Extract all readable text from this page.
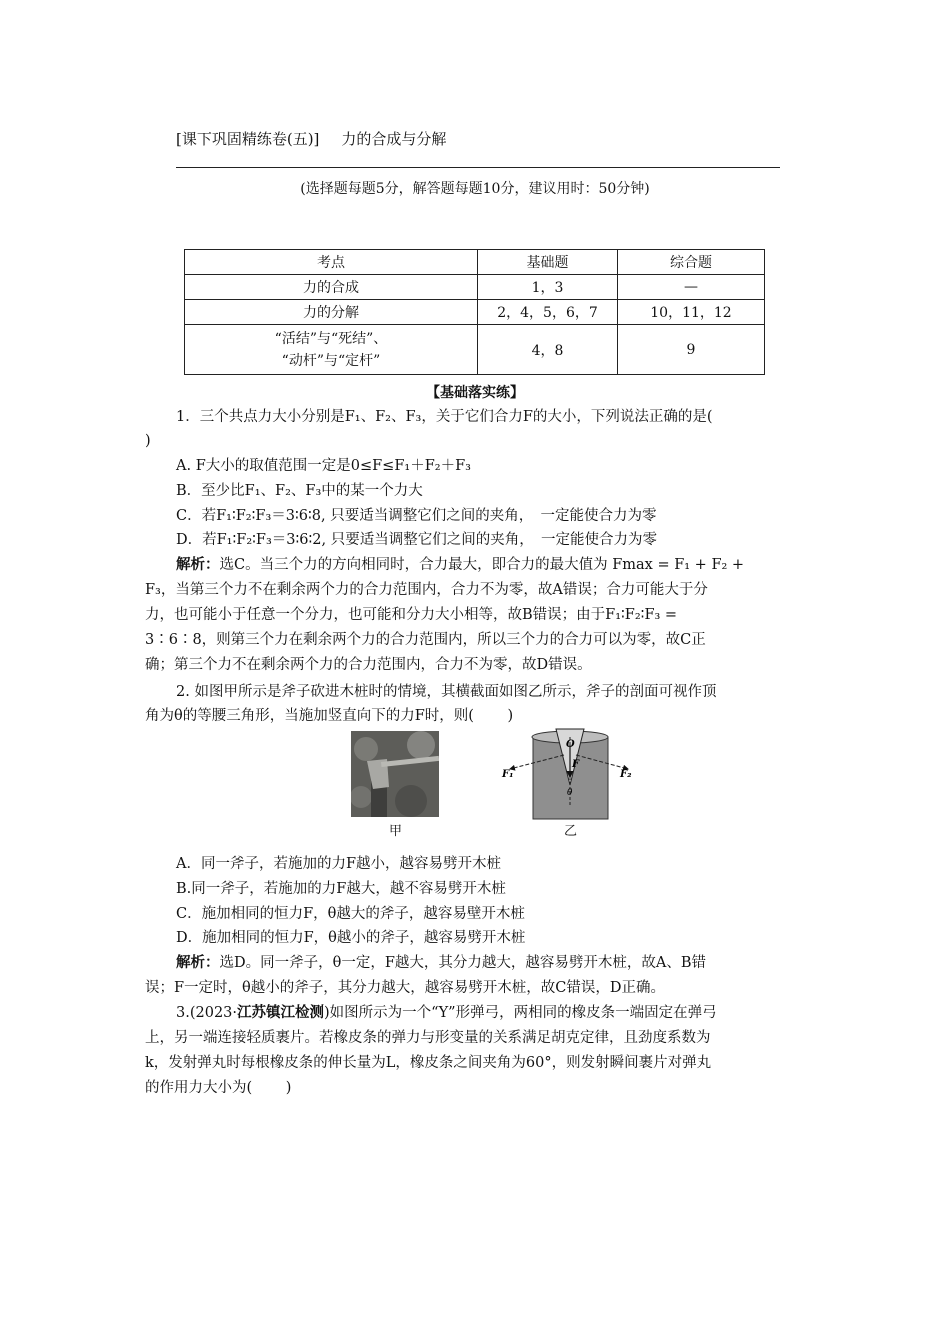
[课下巩固精练卷(五)] 力的合成与分解
(选择题每题5分，解答题每题10分，建议用时：50分钟)
考点	基础题	综合题
力的合成	1，3	—
力的分解	2，4，5，6，7	10，11，12

“活结”与“死结”、
“动杆”与“定杆”	4，8	9
【基础落实练】
1．三个共点力大小分别是F₁、F₂、F₃，关于它们合力F的大小，下列说法正确的是(
)
A. F大小的取值范围一定是0≤F≤F₁＋F₂＋F₃
B．至少比F₁、F₂、F₃中的某一个力大
C．若F₁∶F₂∶F₃＝3∶6∶8, 只要适当调整它们之间的夹角，　一定能使合力为零
D．若F₁∶F₂∶F₃＝3∶6∶2, 只要适当调整它们之间的夹角，　一定能使合力为零
解析：选C。当三个力的方向相同时，合力最大，即合力的最大值为 Fmax = F₁ + F₂ +
F₃，当第三个力不在剩余两个力的合力范围内，合力不为零，故A错误；合力可能大于分
力，也可能小于任意一个分力，也可能和分力大小相等，故B错误；由于F₁∶F₂∶F₃ =
3∶6∶8，则第三个力在剩余两个力的合力范围内，所以三个力的合力可以为零，故C正
确；第三个力不在剩余两个力的合力范围内，合力不为零，故D错误。
2. 如图甲所示是斧子砍进木桩时的情境，其横截面如图乙所示，斧子的剖面可视作顶
角为θ的等腰三角形，当施加竖直向下的力F时，则(　　 )
甲
O
F
θ
F₁	F₂
乙
A．同一斧子，若施加的力F越小，越容易劈开木桩
B.同一斧子，若施加的力F越大，越不容易劈开木桩
C．施加相同的恒力F，θ越大的斧子，越容易壁开木桩
D．施加相同的恒力F，θ越小的斧子，越容易劈开木桩
解析：选D。同一斧子，θ一定，F越大，其分力越大，越容易劈开木桩，故A、B错
误；F一定时，θ越小的斧子，其分力越大，越容易劈开木桩，故C错误，D正确。
3.(2023·江苏镇江检测)如图所示为一个“Y”形弹弓，两相同的橡皮条一端固定在弹弓
上，另一端连接轻质裹片。若橡皮条的弹力与形变量的关系满足胡克定律，且劲度系数为
k，发射弹丸时每根橡皮条的伸长量为L，橡皮条之间夹角为60°，则发射瞬间裹片对弹丸
的作用力大小为(　　 )
